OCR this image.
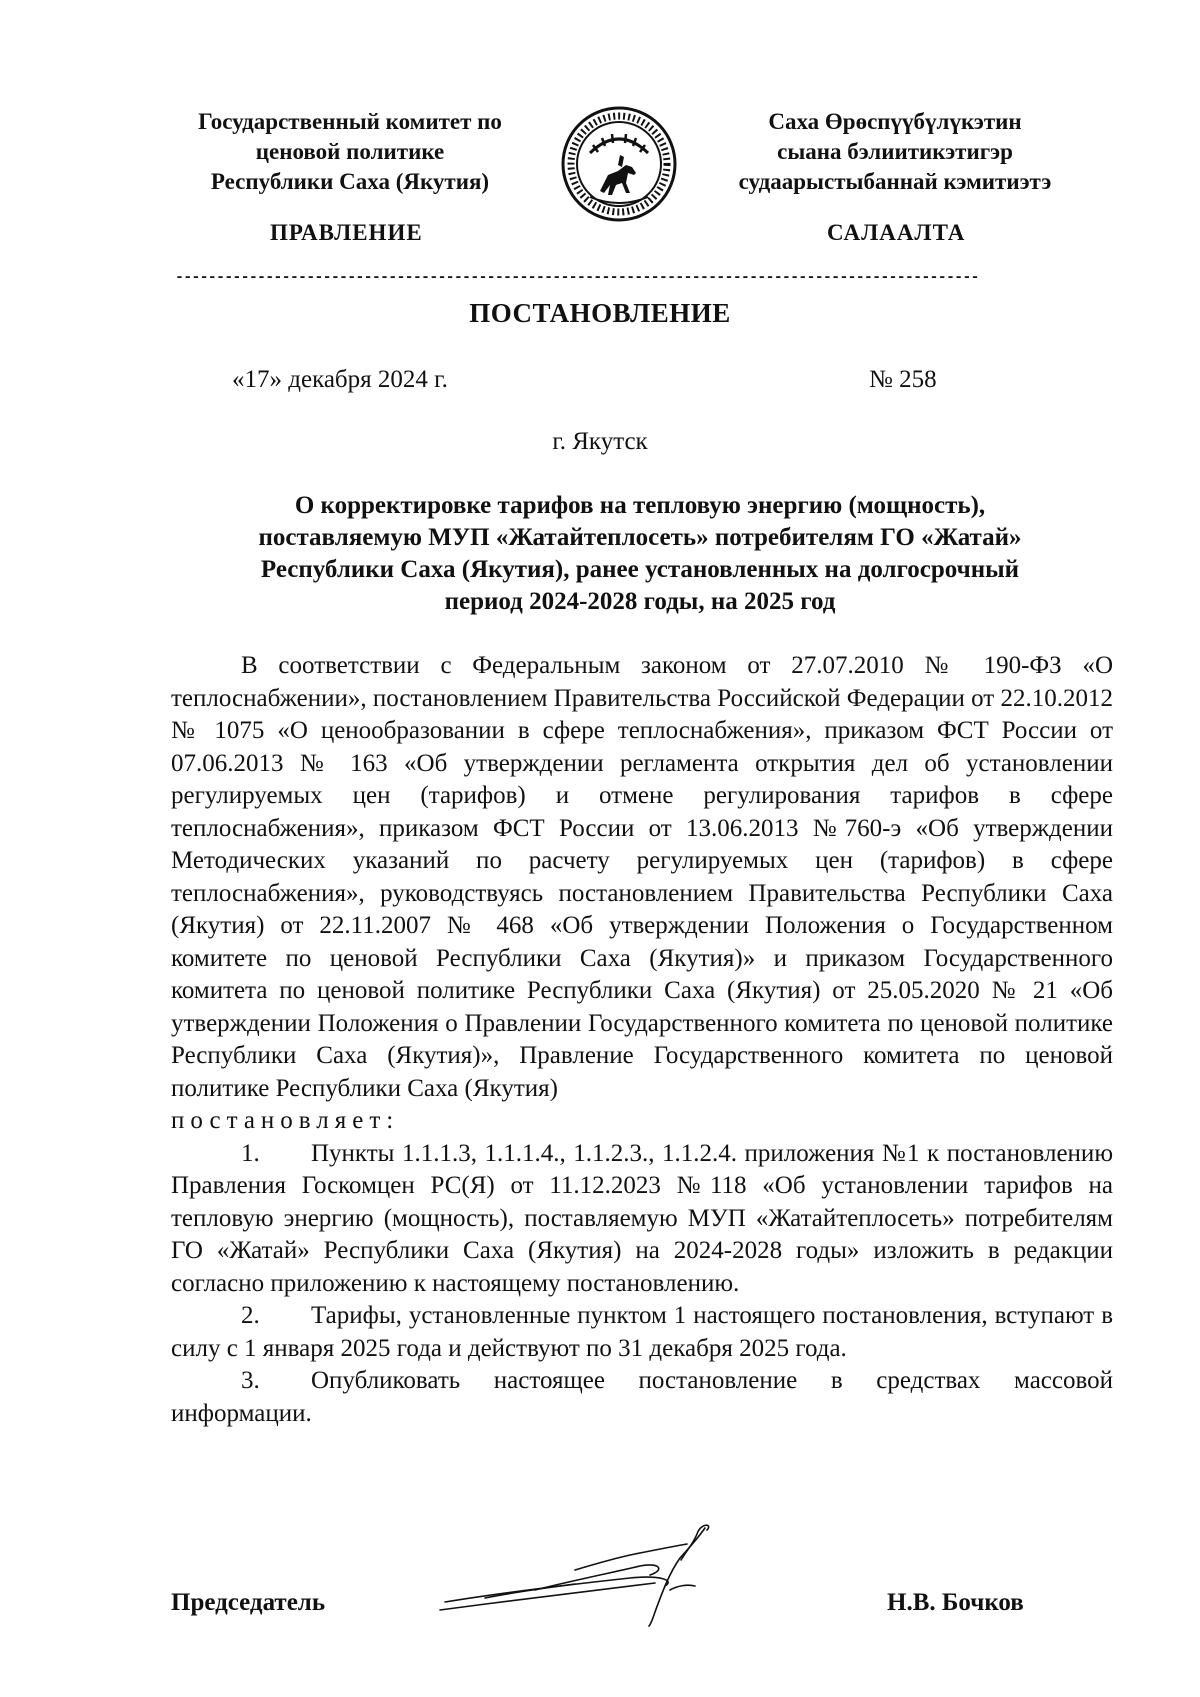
Государственный комитет по
ценовой политике
Республики Саха (Якутия)
Саха Өрөспүүбүлүкэтин
сыана бэлиитикэтигэр
судаарыстыбаннай кэмитиэтэ
ПРАВЛЕНИЕ	САЛААЛТА
--------------------------------------------------------------------------------------------------
ПОСТАНОВЛЕНИЕ
«17» декабря 2024 г.	№ 258
г. Якутск
О корректировке тарифов на тепловую энергию (мощность),
поставляемую МУП «Жатайтеплосеть» потребителям ГО «Жатай»
Республики Саха (Якутия), ранее установленных на долгосрочный
период 2024-2028 годы, на 2025 год

В соответствии с Федеральным законом от 27.07.2010 № 190-ФЗ «О теплоснабжении», постановлением Правительства Российской Федерации от 22.10.2012 № 1075 «О ценообразовании в сфере теплоснабжения», приказом ФСТ России от 07.06.2013 № 163 «Об утверждении регламента открытия дел об установлении регулируемых цен (тарифов) и отмене регулирования тарифов в сфере теплоснабжения», приказом ФСТ России от 13.06.2013 №760-э «Об утверждении Методических указаний по расчету регулируемых цен (тарифов) в сфере теплоснабжения», руководствуясь постановлением Правительства Республики Саха (Якутия) от 22.11.2007 № 468 «Об утверждении Положения о Государственном комитете по ценовой Республики Саха (Якутия)» и приказом Государственного комитета по ценовой политике Республики Саха (Якутия) от 25.05.2020 № 21 «Об утверждении Положения о Правлении Государственного комитета по ценовой политике Республики Саха (Якутия)», Правление Государственного комитета по ценовой политике Республики Саха (Якутия)

постановляет:

1. Пункты 1.1.1.3, 1.1.1.4., 1.1.2.3., 1.1.2.4. приложения №1 к постановлению Правления Госкомцен РС(Я) от 11.12.2023 №118 «Об установлении тарифов на тепловую энергию (мощность), поставляемую МУП «Жатайтеплосеть» потребителям ГО «Жатай» Республики Саха (Якутия) на 2024-2028 годы» изложить в редакции согласно приложению к настоящему постановлению.

2. Тарифы, установленные пунктом 1 настоящего постановления, вступают в силу с 1 января 2025 года и действуют по 31 декабря 2025 года.

3. Опубликовать настоящее постановление в средствах массовой информации.

Председатель	Н.В. Бочков
